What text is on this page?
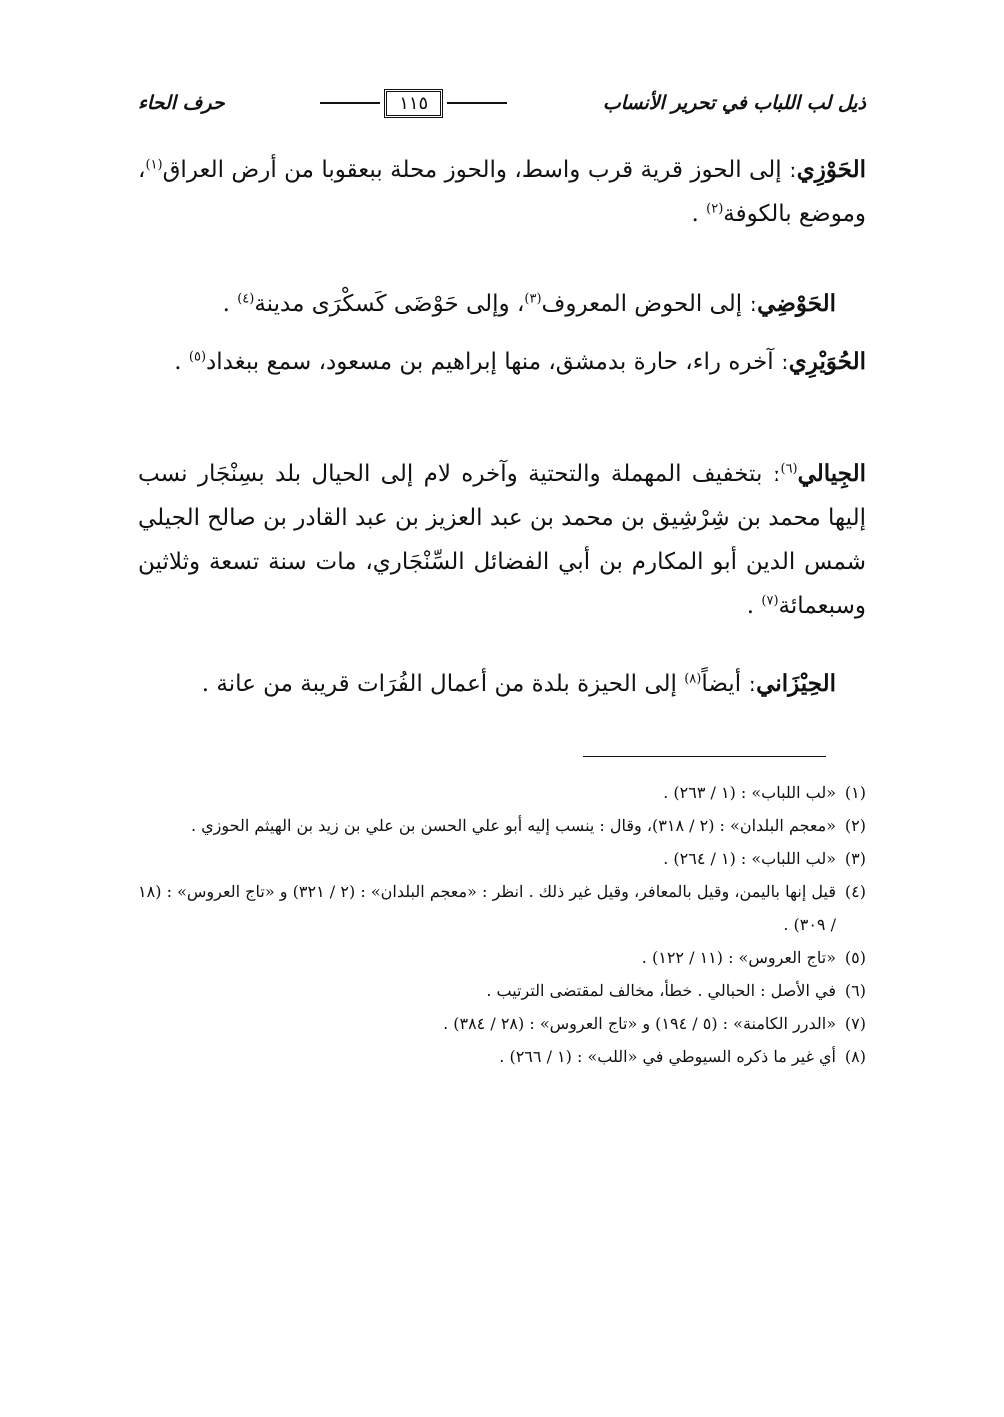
ذيل لب اللباب في تحرير الأنساب
١١٥
حرف الحاء

الحَوْزِيː إلى الحوز قرية قرب واسط، والحوز محلة ببعقوبا من أرض العراق$^{(١)}$، وموضع بالكوفة$^{(٢)}$ .

الحَوْضِيː إلى الحوض المعروف$^{(٣)}$، وإلى حَوْضَى كَسكْرَى مدينة$^{(٤)}$ .

الحُوَيْرِيː آخره راء، حارة بدمشق، منها إبراهيم بن مسعود، سمع ببغداد$^{(٥)}$ .

الجِيالي$^{(٦)}$ː بتخفيف المهملة والتحتية وآخره لام إلى الحيال بلد بسِنْجَار نسب إليها محمد بن شِرْشِيق بن محمد بن عبد العزيز بن عبد القادر بن صالح الجيلي شمس الدين أبو المكارم بن أبي الفضائل السِّنْجَاري، مات سنة تسعة وثلاثين وسبعمائة$^{(٧)}$ .

الحِيْزَانيː أيضاً$^{(٨)}$ إلى الحيزة بلدة من أعمال الفُرَات قريبة من عانة .

(١)«لب اللباب» : (١ / ٢٦٣) .

(٢)«معجم البلدان» : (٢ / ٣١٨)، وقال : ينسب إليه أبو علي الحسن بن علي بن زيد بن الهيثم الحوزي .

(٣)«لب اللباب» : (١ / ٢٦٤) .

(٤)قيل إنها باليمن، وقيل بالمعافر، وقيل غير ذلك . انظر : «معجم البلدان» : (٢ / ٣٢١) و «تاج العروس» : (١٨ / ٣٠٩) .

(٥)«تاج العروس» : (١١ / ١٢٢) .

(٦)في الأصل : الحبالي . خطأ، مخالف لمقتضى الترتيب .

(٧)«الدرر الكامنة» : (٥ / ١٩٤) و «تاج العروس» : (٢٨ / ٣٨٤) .

(٨)أي غير ما ذكره السيوطي في «اللب» : (١ / ٢٦٦) .
